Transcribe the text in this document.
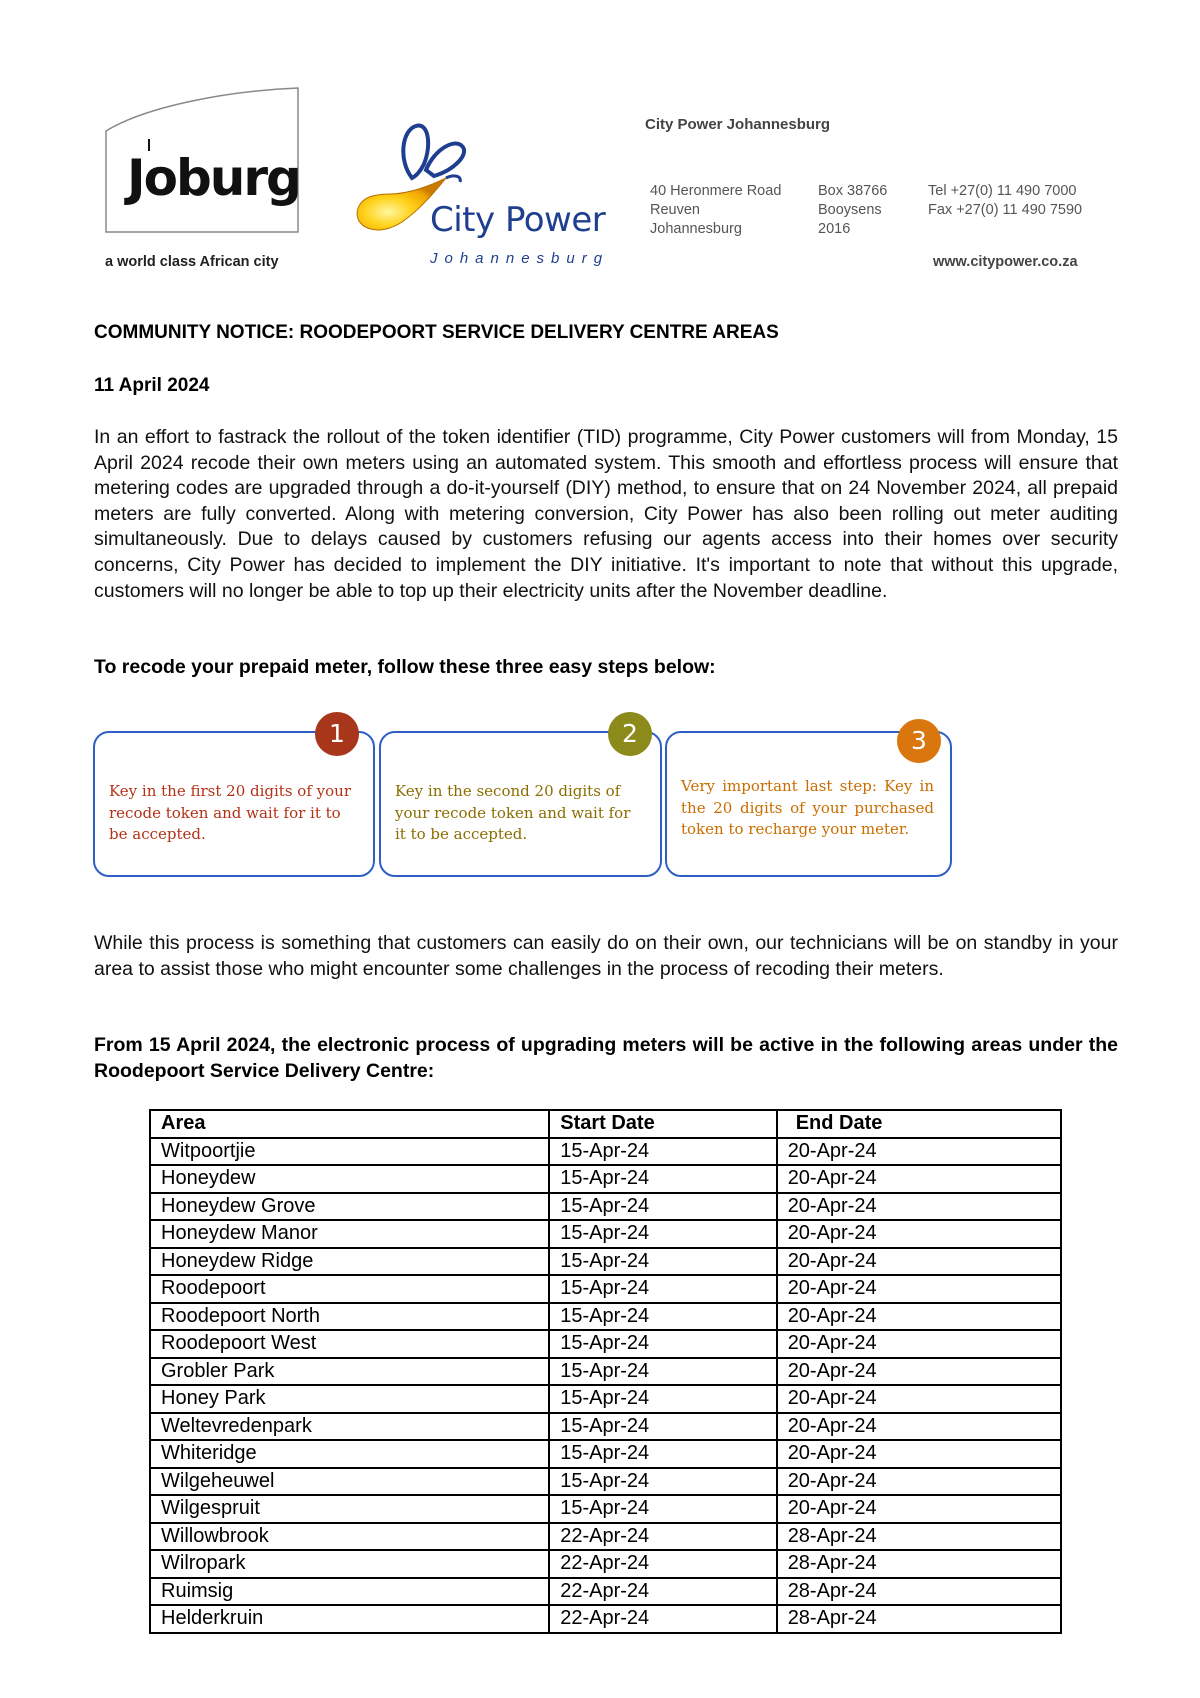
Joburg
a world class African city
City Power
Johannesburg
City Power Johannesburg
40 Heronmere Road
Reuven
Johannesburg
Box 38766
Booysens
2016
Tel +27(0) 11 490 7000
Fax +27(0) 11 490 7590
www.citypower.co.za
COMMUNITY NOTICE: ROODEPOORT SERVICE DELIVERY CENTRE AREAS
11 April 2024

In an effort to fastrack the rollout of the token identifier (TID) programme, City Power customers will from Monday, 15 April 2024 recode their own meters using an automated system. This smooth and effortless process will ensure that metering codes are upgraded through a do-it-yourself (DIY) method, to ensure that on 24 November 2024, all prepaid meters are fully converted. Along with metering conversion, City Power has also been rolling out meter auditing simultaneously. Due to delays caused by customers refusing our agents access into their homes over security concerns, City Power has decided to implement the DIY initiative. It's important to note that without this upgrade, customers will no longer be able to top up their electricity units after the November deadline.

To recode your prepaid meter, follow these three easy steps below:
Key in the first 20 digits of your recode token and wait for it to be accepted.
Key in the second 20 digits of your recode token and wait for it to be accepted.
Very important last step: Key in the 20 digits of your purchased token to recharge your meter.
1	2	3

While this process is something that customers can easily do on their own, our technicians will be on standby in your area to assist those who might encounter some challenges in the process of recoding their meters.

From 15 April 2024, the electronic process of upgrading meters will be active in the following areas under the Roodepoort Service Delivery Centre:

Area	Start Date	End Date
Witpoortjie	15-Apr-24	20-Apr-24
Honeydew	15-Apr-24	20-Apr-24
Honeydew Grove	15-Apr-24	20-Apr-24
Honeydew Manor	15-Apr-24	20-Apr-24
Honeydew Ridge	15-Apr-24	20-Apr-24
Roodepoort	15-Apr-24	20-Apr-24
Roodepoort North	15-Apr-24	20-Apr-24
Roodepoort West	15-Apr-24	20-Apr-24
Grobler Park	15-Apr-24	20-Apr-24
Honey Park	15-Apr-24	20-Apr-24
Weltevredenpark	15-Apr-24	20-Apr-24
Whiteridge	15-Apr-24	20-Apr-24
Wilgeheuwel	15-Apr-24	20-Apr-24
Wilgespruit	15-Apr-24	20-Apr-24
Willowbrook	22-Apr-24	28-Apr-24
Wilropark	22-Apr-24	28-Apr-24
Ruimsig	22-Apr-24	28-Apr-24
Helderkruin	22-Apr-24	28-Apr-24
